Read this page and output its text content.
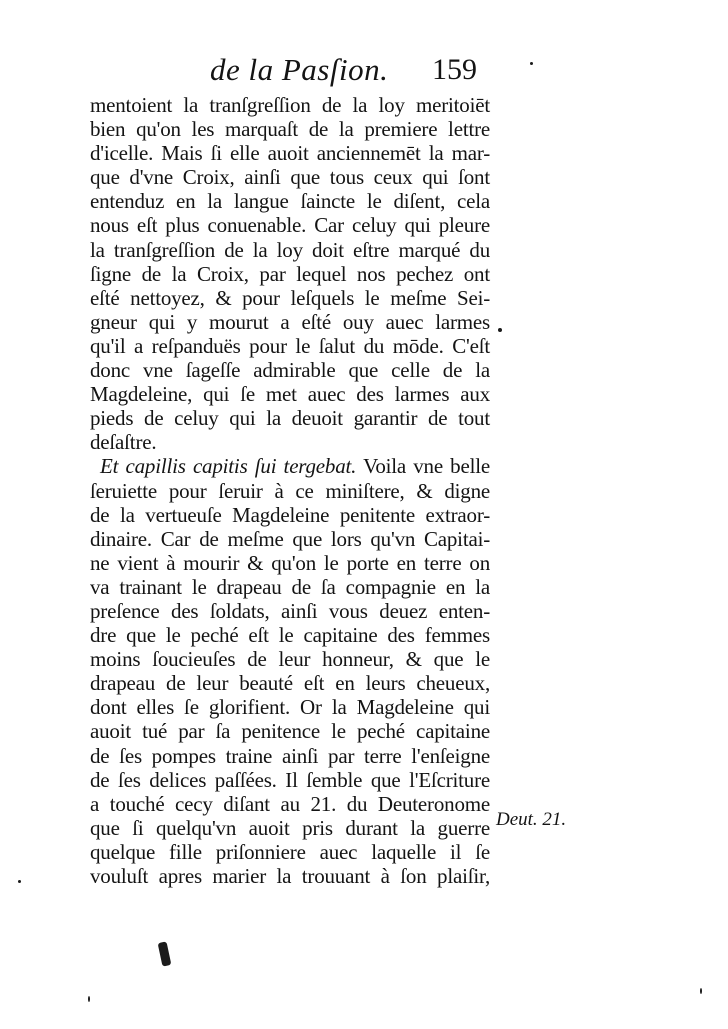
de la Pasſion. 159
mentoient la tranſgreſſion de la loy meritoiēt
bien qu'on les marquaſt de la premiere lettre
d'icelle. Mais ſi elle auoit anciennemēt la mar-
que d'vne Croix, ainſi que tous ceux qui ſont
entenduz en la langue ſaincte le diſent, cela
nous eſt plus conuenable. Car celuy qui pleure
la tranſgreſſion de la loy doit eſtre marqué du
ſigne de la Croix, par lequel nos pechez ont
eſté nettoyez, & pour leſquels le meſme Sei-
gneur qui y mourut a eſté ouy auec larmes
qu'il a reſpanduës pour le ſalut du mōde. C'eſt
donc vne ſageſſe admirable que celle de la
Magdeleine, qui ſe met auec des larmes aux
pieds de celuy qui la deuoit garantir de tout
deſaſtre.
Et capillis capitis ſui tergebat. Voila vne belle
ſeruiette pour ſeruir à ce miniſtere, & digne
de la vertueuſe Magdeleine penitente extraor-
dinaire. Car de meſme que lors qu'vn Capitai-
ne vient à mourir & qu'on le porte en terre on
va trainant le drapeau de ſa compagnie en la
preſence des ſoldats, ainſi vous deuez enten-
dre que le peché eſt le capitaine des femmes
moins ſoucieuſes de leur honneur, & que le
drapeau de leur beauté eſt en leurs cheueux,
dont elles ſe glorifient. Or la Magdeleine qui
auoit tué par ſa penitence le peché capitaine
de ſes pompes traine ainſi par terre l'enſeigne
de ſes delices paſſées. Il ſemble que l'Eſcriture
a touché cecy diſant au 21. du Deuteronome
que ſi quelqu'vn auoit pris durant la guerre
quelque fille priſonniere auec laquelle il ſe
vouluſt apres marier la trouuant à ſon plaiſir,
Deut. 21.
